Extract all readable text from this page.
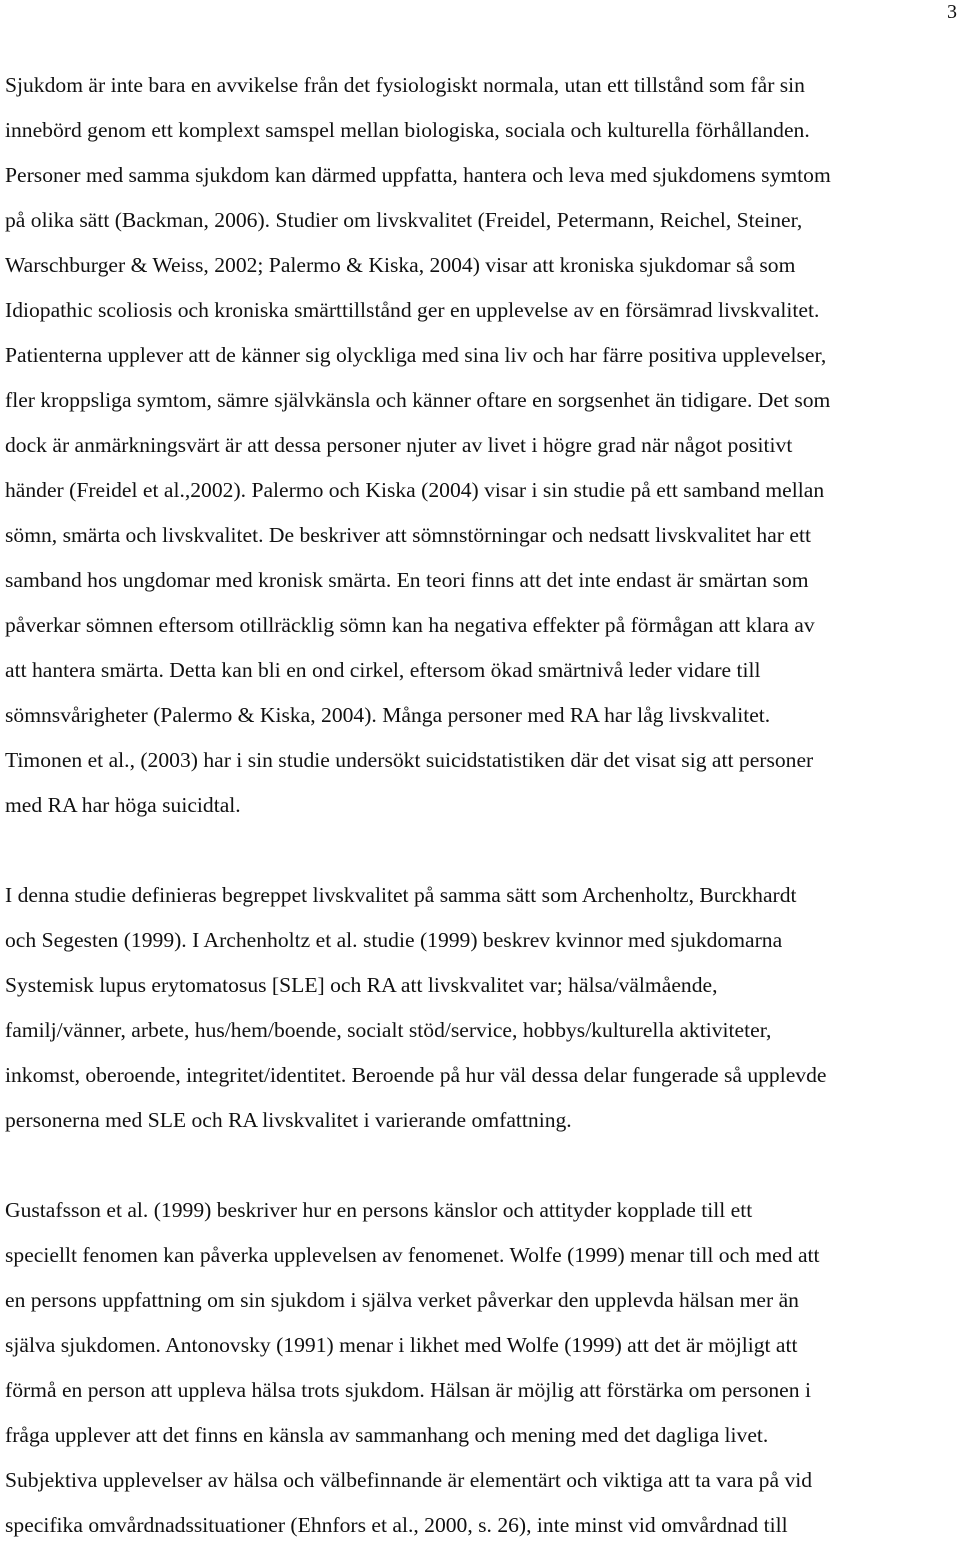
3

Sjukdom är inte bara en avvikelse från det fysiologiskt normala, utan ett tillstånd som får sin
innebörd genom ett komplext samspel mellan biologiska, sociala och kulturella förhållanden.
Personer med samma sjukdom kan därmed uppfatta, hantera och leva med sjukdomens symtom
på olika sätt (Backman, 2006). Studier om livskvalitet (Freidel, Petermann, Reichel, Steiner,
Warschburger & Weiss, 2002; Palermo & Kiska, 2004) visar att kroniska sjukdomar så som
Idiopathic scoliosis och kroniska smärttillstånd ger en upplevelse av en försämrad livskvalitet.
Patienterna upplever att de känner sig olyckliga med sina liv och har färre positiva upplevelser,
fler kroppsliga symtom, sämre självkänsla och känner oftare en sorgsenhet än tidigare. Det som
dock är anmärkningsvärt är att dessa personer njuter av livet i högre grad när något positivt
händer (Freidel et al.,2002). Palermo och Kiska (2004) visar i sin studie på ett samband mellan
sömn, smärta och livskvalitet. De beskriver att sömnstörningar och nedsatt livskvalitet har ett
samband hos ungdomar med kronisk smärta. En teori finns att det inte endast är smärtan som
påverkar sömnen eftersom otillräcklig sömn kan ha negativa effekter på förmågan att klara av
att hantera smärta. Detta kan bli en ond cirkel, eftersom ökad smärtnivå leder vidare till
sömnsvårigheter (Palermo & Kiska, 2004). Många personer med RA har låg livskvalitet.
Timonen et al., (2003) har i sin studie undersökt suicidstatistiken där det visat sig att personer
med RA har höga suicidtal.

I denna studie definieras begreppet livskvalitet på samma sätt som Archenholtz, Burckhardt
och Segesten (1999). I Archenholtz et al. studie (1999) beskrev kvinnor med sjukdomarna
Systemisk lupus erytomatosus [SLE] och RA att livskvalitet var; hälsa/välmående,
familj/vänner, arbete, hus/hem/boende, socialt stöd/service, hobbys/kulturella aktiviteter,
inkomst, oberoende, integritet/identitet. Beroende på hur väl dessa delar fungerade så upplevde
personerna med SLE och RA livskvalitet i varierande omfattning.

Gustafsson et al. (1999) beskriver hur en persons känslor och attityder kopplade till ett
speciellt fenomen kan påverka upplevelsen av fenomenet. Wolfe (1999) menar till och med att
en persons uppfattning om sin sjukdom i själva verket påverkar den upplevda hälsan mer än
själva sjukdomen. Antonovsky (1991) menar i likhet med Wolfe (1999) att det är möjligt att
förmå en person att uppleva hälsa trots sjukdom. Hälsan är möjlig att förstärka om personen i
fråga upplever att det finns en känsla av sammanhang och mening med det dagliga livet.
Subjektiva upplevelser av hälsa och välbefinnande är elementärt och viktiga att ta vara på vid
specifika omvårdnadssituationer (Ehnfors et al., 2000, s. 26), inte minst vid omvårdnad till
